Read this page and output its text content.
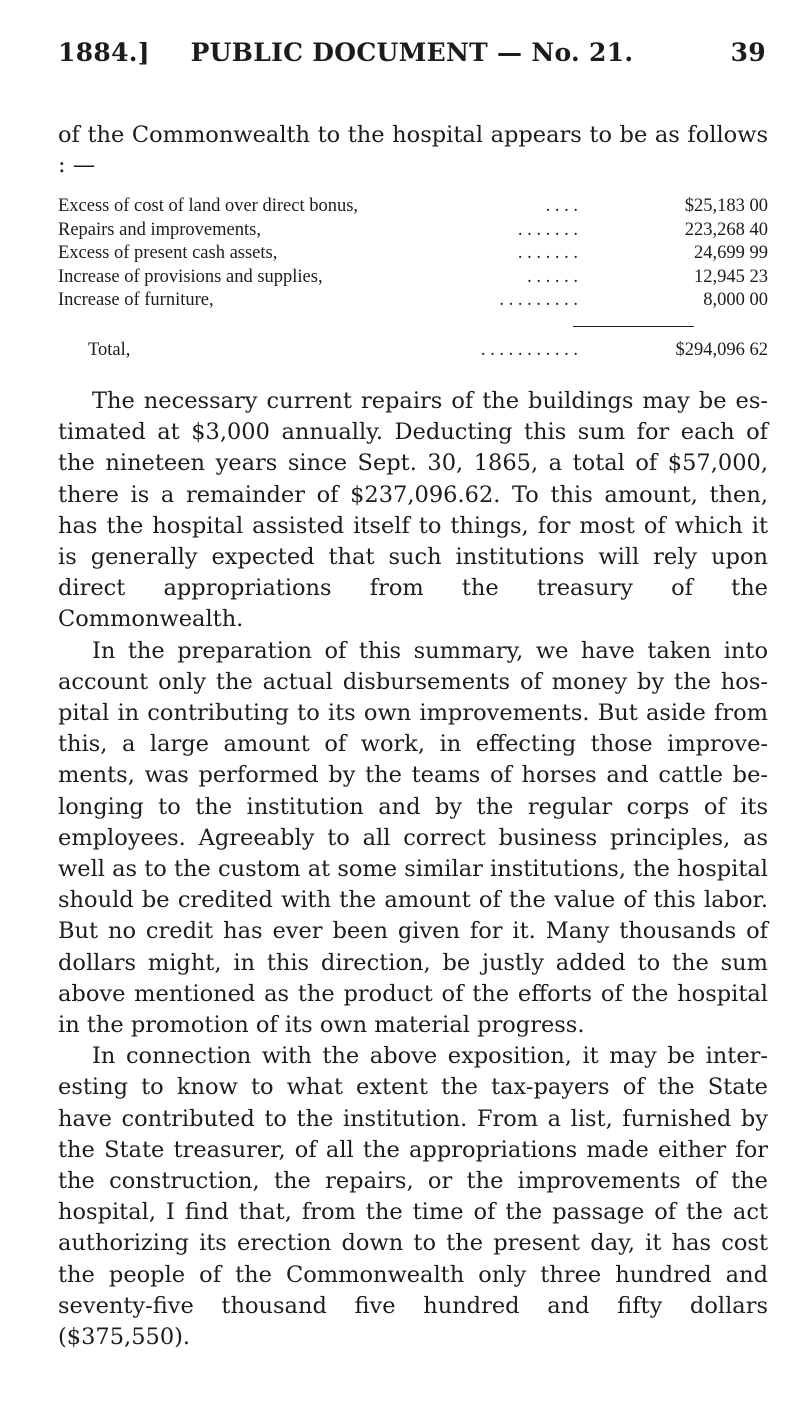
1884.]	PUBLIC DOCUMENT — No. 21.	39
of the Commonwealth to the hospital appears to be as follows : —
Excess of cost of land over direct bonus,	. . . .	$25,183 00
Repairs and improvements,	. . . . . . .	223,268 40
Excess of present cash assets,	. . . . . . .	24,699 99
Increase of provisions and supplies,	. . . . . .	12,945 23
Increase of furniture,	. . . . . . . . .	8,000 00
Total,	. . . . . . . . . . .	$294,096 62

The necessary current repairs of the buildings may be estimated at $3,000 annually. Deducting this sum for each of the nineteen years since Sept. 30, 1865, a total of $57,000, there is a remainder of $237,096.62. To this amount, then, has the hospital assisted itself to things, for most of which it is generally expected that such institutions will rely upon direct appropriations from the treasury of the Commonwealth.

In the preparation of this summary, we have taken into account only the actual disbursements of money by the hospital in contributing to its own improvements. But aside from this, a large amount of work, in effecting those improvements, was performed by the teams of horses and cattle belonging to the institution and by the regular corps of its employees. Agreeably to all correct business principles, as well as to the custom at some similar institutions, the hospital should be credited with the amount of the value of this labor. But no credit has ever been given for it. Many thousands of dollars might, in this direction, be justly added to the sum above mentioned as the product of the efforts of the hospital in the promotion of its own material progress.

In connection with the above exposition, it may be interesting to know to what extent the tax-payers of the State have contributed to the institution. From a list, furnished by the State treasurer, of all the appropriations made either for the construction, the repairs, or the improvements of the hospital, I find that, from the time of the passage of the act authorizing its erection down to the present day, it has cost the people of the Commonwealth only three hundred and seventy-five thousand five hundred and fifty dollars ($375,550).
